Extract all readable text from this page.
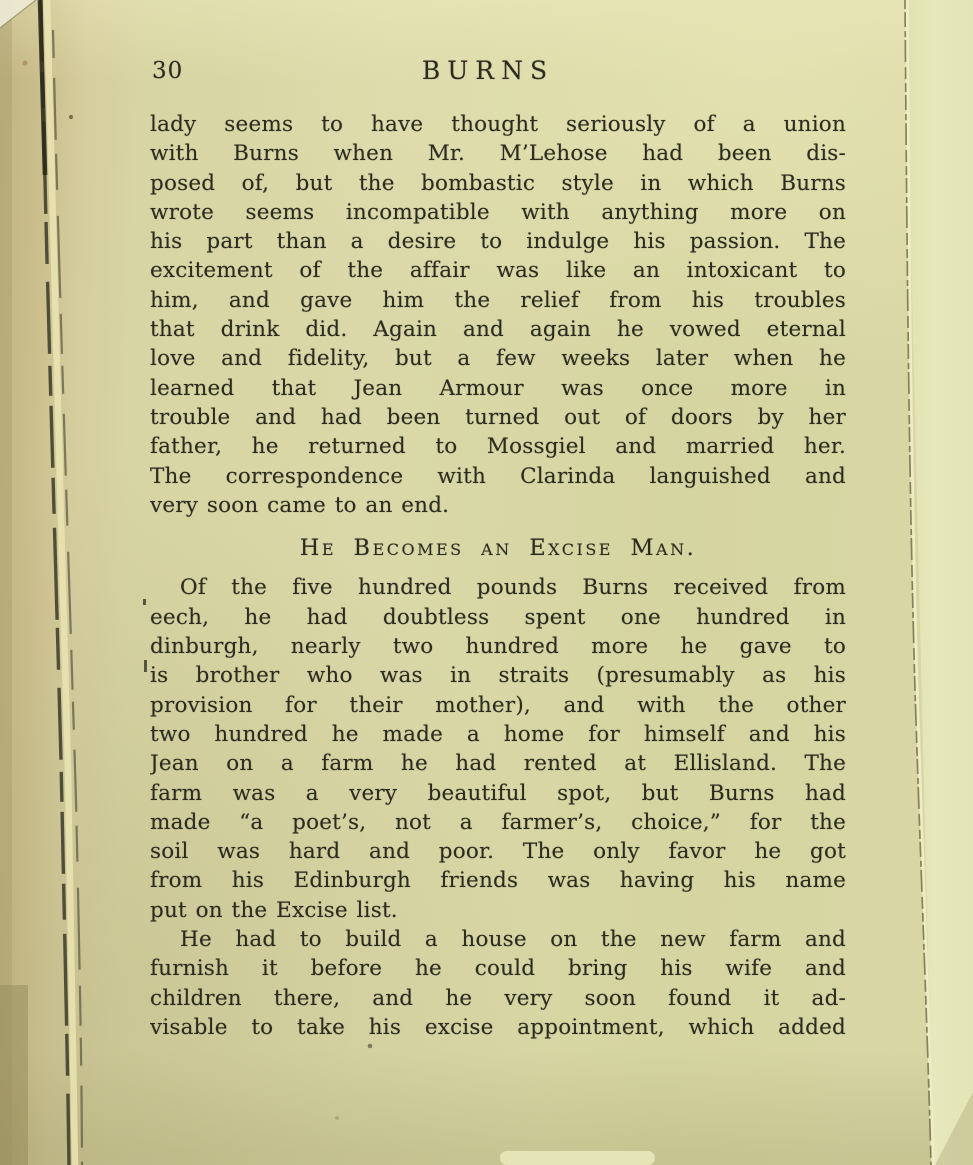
30	BURNS
lady seems to have thought seriously of a union
with Burns when Mr. M’Lehose had been dis-
posed of, but the bombastic style in which Burns
wrote seems incompatible with anything more on
his part than a desire to indulge his passion. The
excitement of the affair was like an intoxicant to
him, and gave him the relief from his troubles
that drink did. Again and again he vowed eternal
love and fidelity, but a few weeks later when he
learned that Jean Armour was once more in
trouble and had been turned out of doors by her
father, he returned to Mossgiel and married her.
The correspondence with Clarinda languished and
very soon came to an end.
He Becomes an Excise Man.
Of the five hundred pounds Burns received from
eech, he had doubtless spent one hundred in
dinburgh, nearly two hundred more he gave to
is brother who was in straits (presumably as his
provision for their mother), and with the other
two hundred he made a home for himself and his
Jean on a farm he had rented at Ellisland. The
farm was a very beautiful spot, but Burns had
made “a poet’s, not a farmer’s, choice,” for the
soil was hard and poor. The only favor he got
from his Edinburgh friends was having his name
put on the Excise list.
He had to build a house on the new farm and
furnish it before he could bring his wife and
children there, and he very soon found it ad-
visable to take his excise appointment, which added
